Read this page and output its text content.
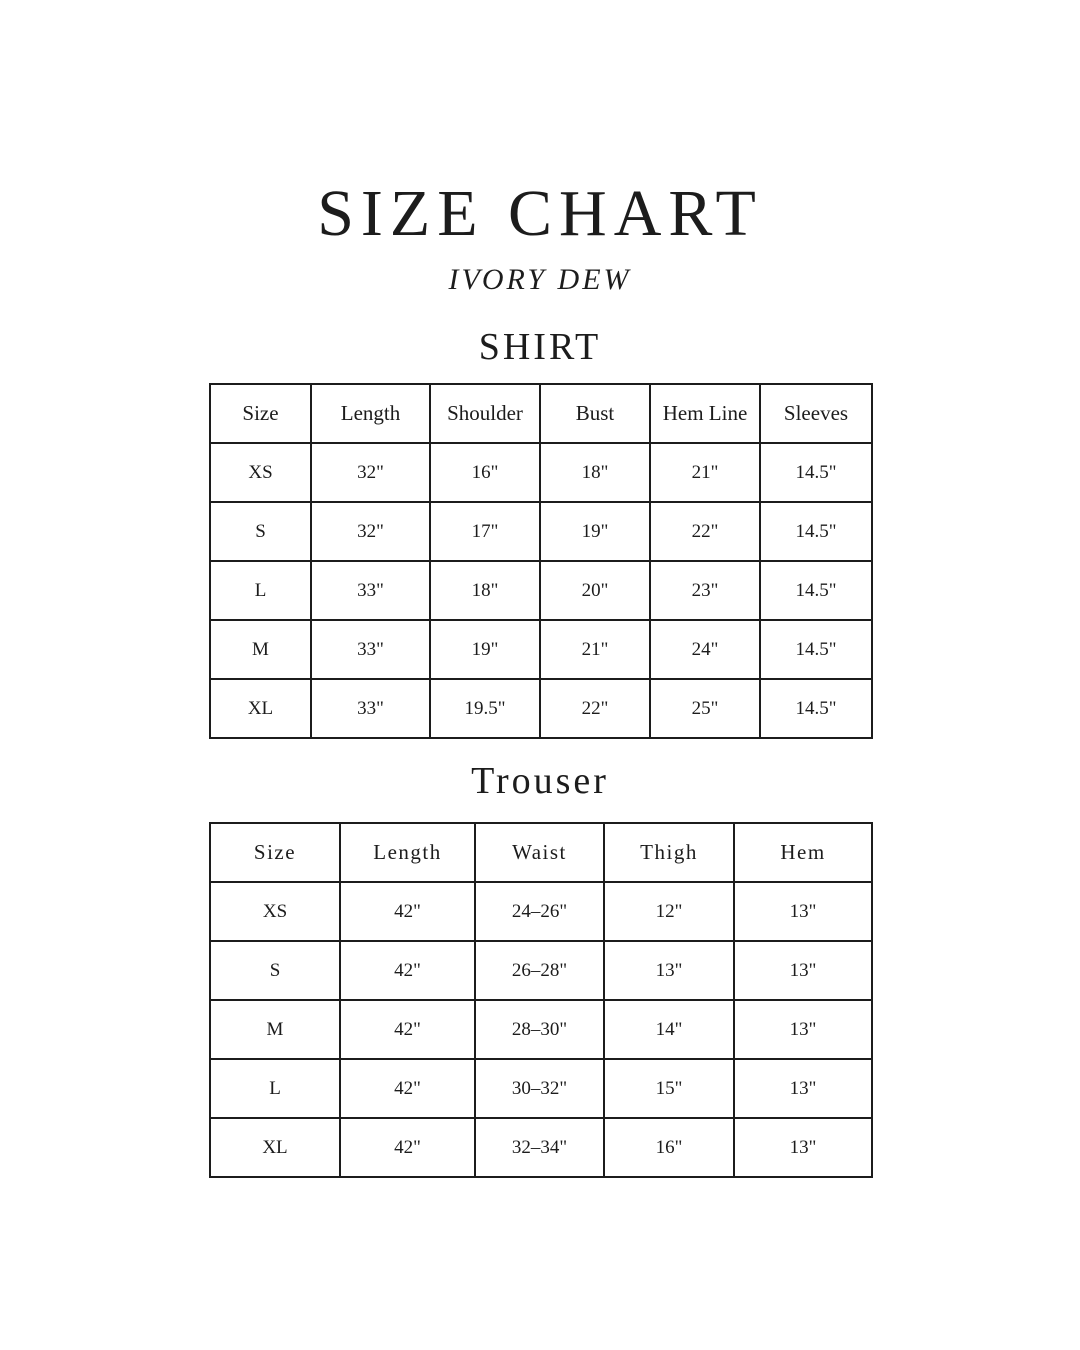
SIZE CHART
IVORY DEW
SHIRT
Size	Length	Shoulder	Bust	Hem Line	Sleeves
XS	32"	16"	18"	21"	14.5"
S	32"	17"	19"	22"	14.5"
L	33"	18"	20"	23"	14.5"
M	33"	19"	21"	24"	14.5"
XL	33"	19.5"	22"	25"	14.5"
Trouser
Size	Length	Waist	Thigh	Hem
XS	42"	24–26"	12"	13"
S	42"	26–28"	13"	13"
M	42"	28–30"	14"	13"
L	42"	30–32"	15"	13"
XL	42"	32–34"	16"	13"
